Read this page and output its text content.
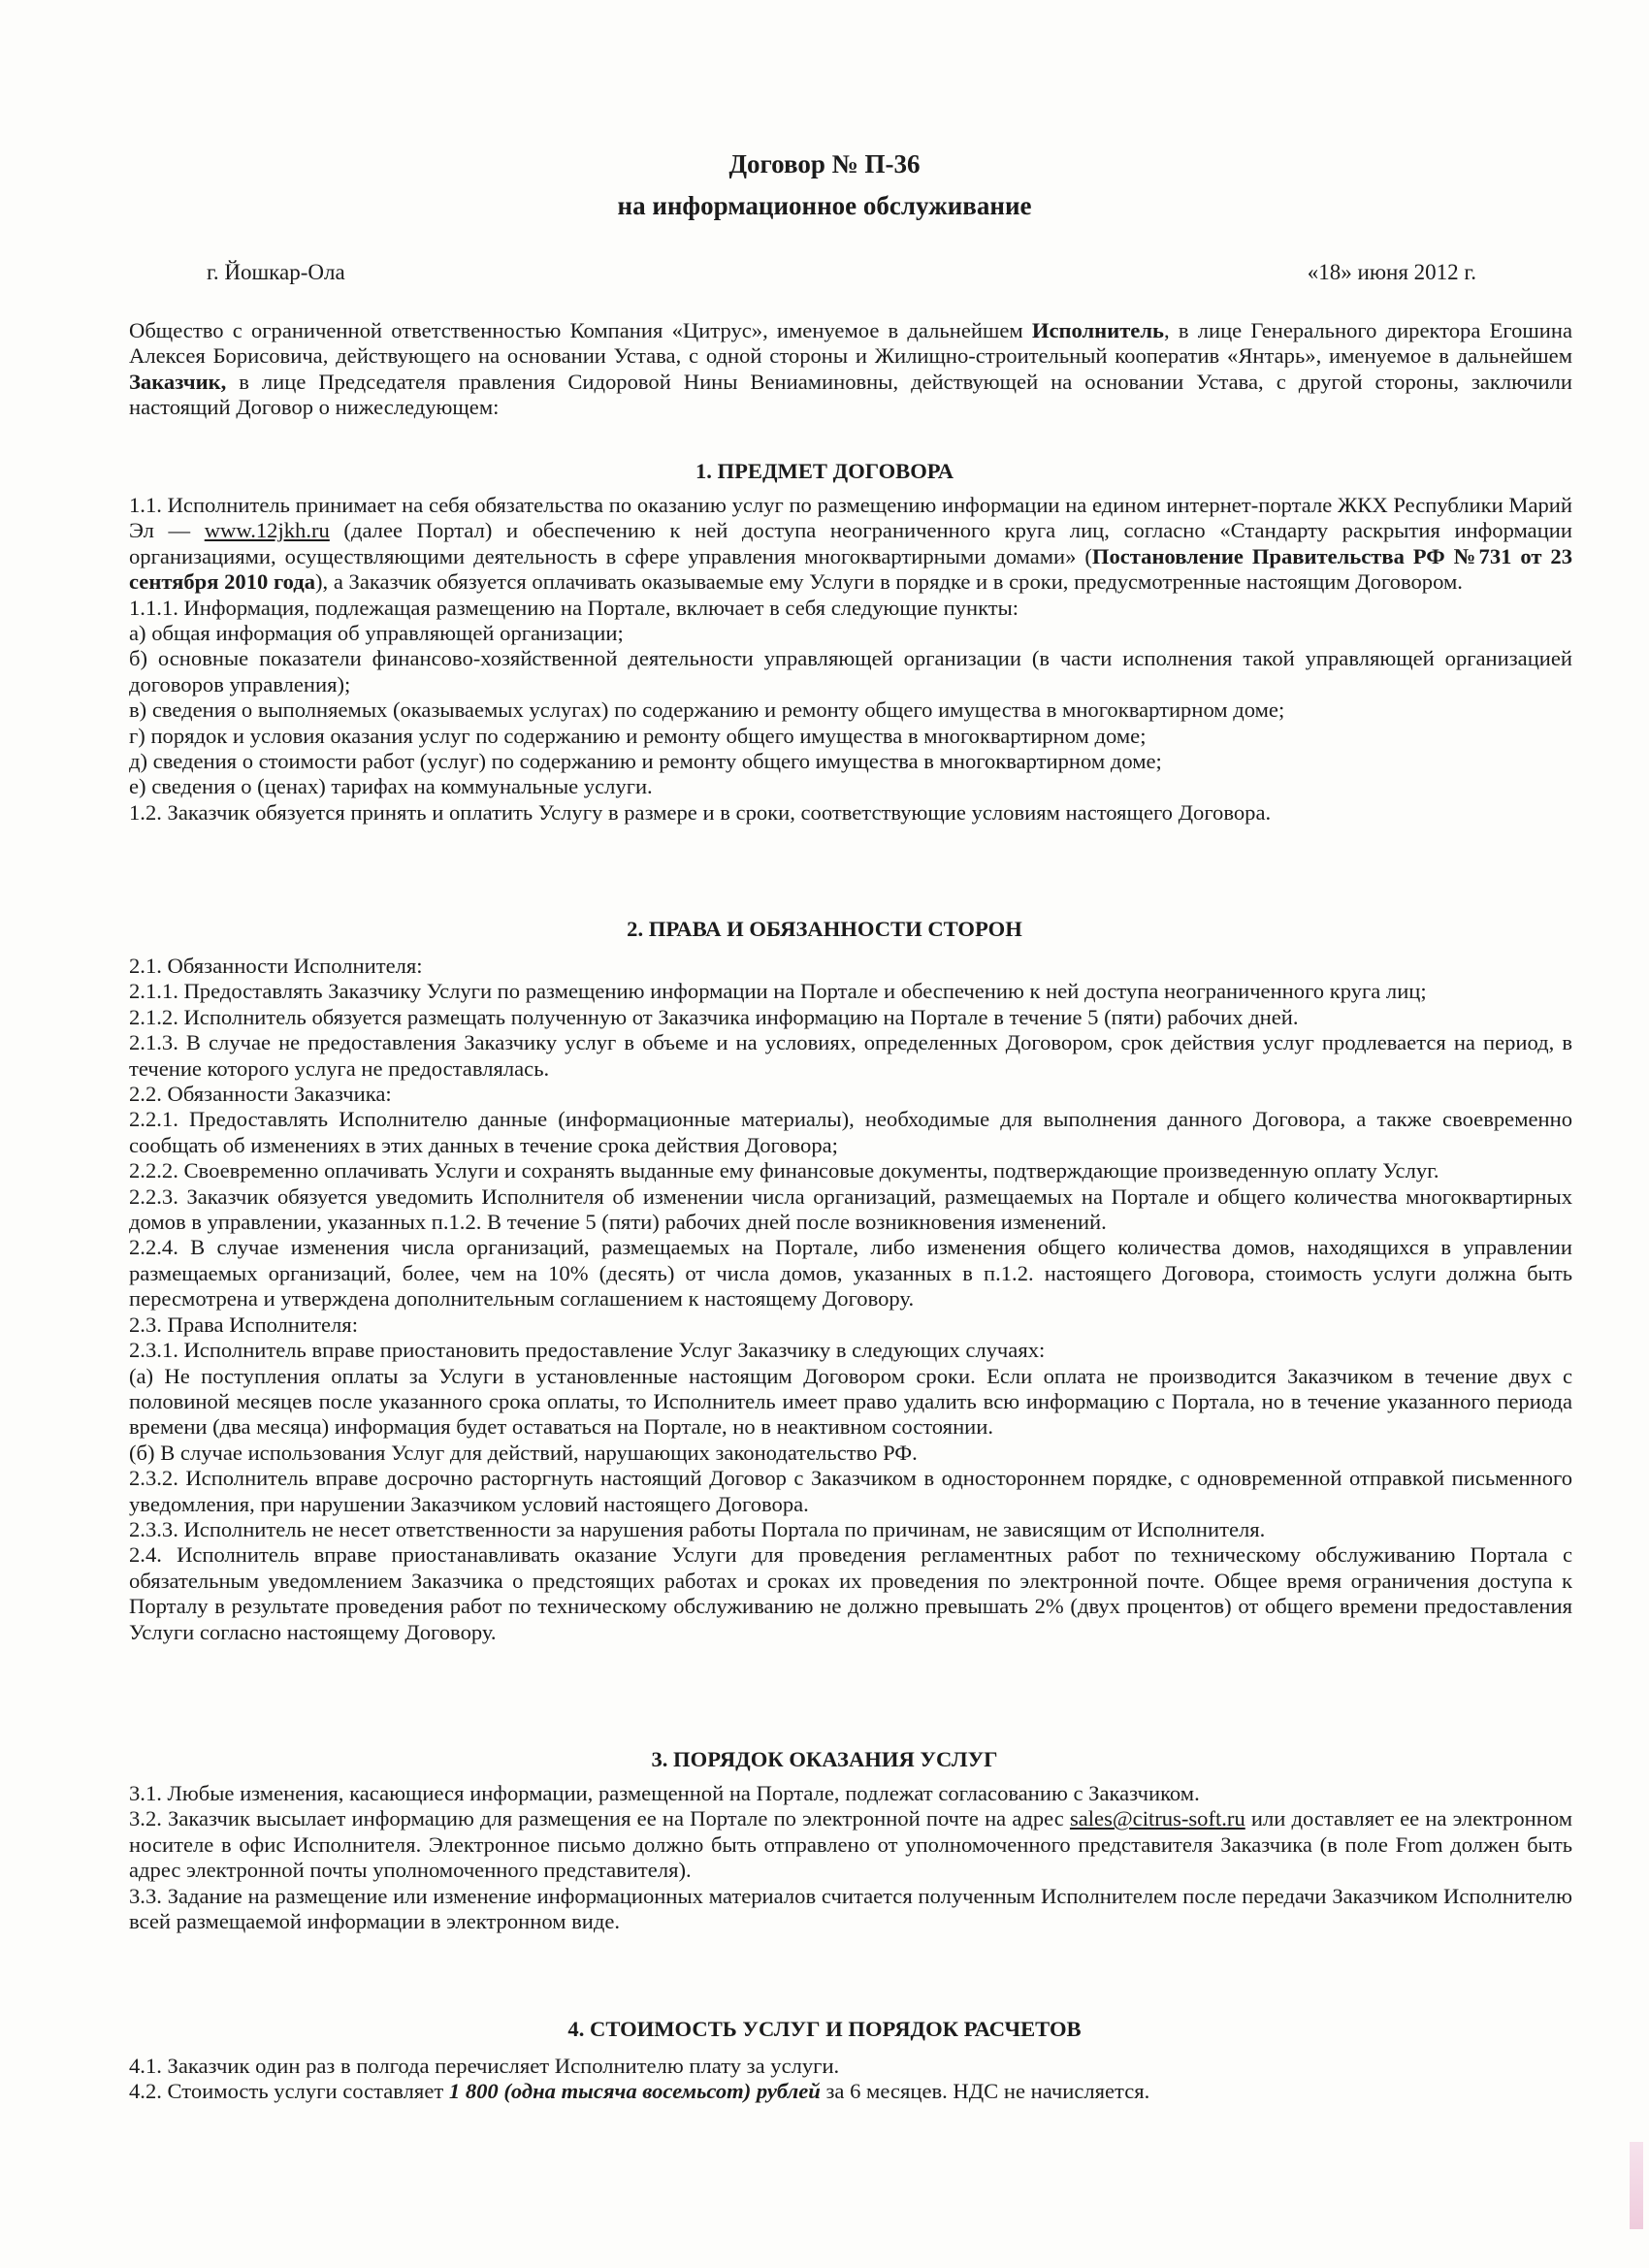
Договор № П-36
на информационное обслуживание
г. Йошкар-Ола	«18» июня 2012 г.

Общество с ограниченной ответственностью Компания «Цитрус», именуемое в дальнейшем Исполнитель, в лице Генерального директора Егошина Алексея Борисовича, действующего на основании Устава, с одной стороны и Жилищно-строительный кооператив «Янтарь», именуемое в дальнейшем Заказчик, в лице Председателя правления Сидоровой Нины Вениаминовны, действующей на основании Устава, с другой стороны, заключили настоящий Договор о нижеследующем:

1. ПРЕДМЕТ ДОГОВОРА

1.1. Исполнитель принимает на себя обязательства по оказанию услуг по размещению информации на едином интернет-портале ЖКХ Республики Марий Эл — www.12jkh.ru (далее Портал) и обеспечению к ней доступа неограниченного круга лиц, согласно «Стандарту раскрытия информации организациями, осуществляющими деятельность в сфере управления многоквартирными домами» (Постановление Правительства РФ №731 от 23 сентября 2010 года), а Заказчик обязуется оплачивать оказываемые ему Услуги в порядке и в сроки, предусмотренные настоящим Договором.

1.1.1. Информация, подлежащая размещению на Портале, включает в себя следующие пункты:

а) общая информация об управляющей организации;

б) основные показатели финансово-хозяйственной деятельности управляющей организации (в части исполнения такой управляющей организацией договоров управления);

в) сведения о выполняемых (оказываемых услугах) по содержанию и ремонту общего имущества в многоквартирном доме;

г) порядок и условия оказания услуг по содержанию и ремонту общего имущества в многоквартирном доме;

д) сведения о стоимости работ (услуг) по содержанию и ремонту общего имущества в многоквартирном доме;

е) сведения о (ценах) тарифах на коммунальные услуги.

1.2. Заказчик обязуется принять и оплатить Услугу в размере и в сроки, соответствующие условиям настоящего Договора.

2. ПРАВА И ОБЯЗАННОСТИ СТОРОН

2.1. Обязанности Исполнителя:

2.1.1. Предоставлять Заказчику Услуги по размещению информации на Портале и обеспечению к ней доступа неограниченного круга лиц;

2.1.2. Исполнитель обязуется размещать полученную от Заказчика информацию на Портале в течение 5 (пяти) рабочих дней.

2.1.3. В случае не предоставления Заказчику услуг в объеме и на условиях, определенных Договором, срок действия услуг продлевается на период, в течение которого услуга не предоставлялась.

2.2. Обязанности Заказчика:

2.2.1. Предоставлять Исполнителю данные (информационные материалы), необходимые для выполнения данного Договора, а также своевременно сообщать об изменениях в этих данных в течение срока действия Договора;

2.2.2. Своевременно оплачивать Услуги и сохранять выданные ему финансовые документы, подтверждающие произведенную оплату Услуг.

2.2.3. Заказчик обязуется уведомить Исполнителя об изменении числа организаций, размещаемых на Портале и общего количества многоквартирных домов в управлении, указанных п.1.2. В течение 5 (пяти) рабочих дней после возникновения изменений.

2.2.4. В случае изменения числа организаций, размещаемых на Портале, либо изменения общего количества домов, находящихся в управлении размещаемых организаций, более, чем на 10% (десять) от числа домов, указанных в п.1.2. настоящего Договора, стоимость услуги должна быть пересмотрена и утверждена дополнительным соглашением к настоящему Договору.

2.3. Права Исполнителя:

2.3.1. Исполнитель вправе приостановить предоставление Услуг Заказчику в следующих случаях:

(а) Не поступления оплаты за Услуги в установленные настоящим Договором сроки. Если оплата не производится Заказчиком в течение двух с половиной месяцев после указанного срока оплаты, то Исполнитель имеет право удалить всю информацию с Портала, но в течение указанного периода времени (два месяца) информация будет оставаться на Портале, но в неактивном состоянии.

(б) В случае использования Услуг для действий, нарушающих законодательство РФ.

2.3.2. Исполнитель вправе досрочно расторгнуть настоящий Договор с Заказчиком в одностороннем порядке, с одновременной отправкой письменного уведомления, при нарушении Заказчиком условий настоящего Договора.

2.3.3. Исполнитель не несет ответственности за нарушения работы Портала по причинам, не зависящим от Исполнителя.

2.4. Исполнитель вправе приостанавливать оказание Услуги для проведения регламентных работ по техническому обслуживанию Портала с обязательным уведомлением Заказчика о предстоящих работах и сроках их проведения по электронной почте. Общее время ограничения доступа к Порталу в результате проведения работ по техническому обслуживанию не должно превышать 2% (двух процентов) от общего времени предоставления Услуги согласно настоящему Договору.

3. ПОРЯДОК ОКАЗАНИЯ УСЛУГ

3.1. Любые изменения, касающиеся информации, размещенной на Портале, подлежат согласованию с Заказчиком.

3.2. Заказчик высылает информацию для размещения ее на Портале по электронной почте на адрес sales@citrus-soft.ru или доставляет ее на электронном носителе в офис Исполнителя. Электронное письмо должно быть отправлено от уполномоченного представителя Заказчика (в поле From должен быть адрес электронной почты уполномоченного представителя).

3.3. Задание на размещение или изменение информационных материалов считается полученным Исполнителем после передачи Заказчиком Исполнителю всей размещаемой информации в электронном виде.

4. СТОИМОСТЬ УСЛУГ И ПОРЯДОК РАСЧЕТОВ

4.1. Заказчик один раз в полгода перечисляет Исполнителю плату за услуги.

4.2. Стоимость услуги составляет 1 800 (одна тысяча восемьсот) рублей за 6 месяцев. НДС не начисляется.
